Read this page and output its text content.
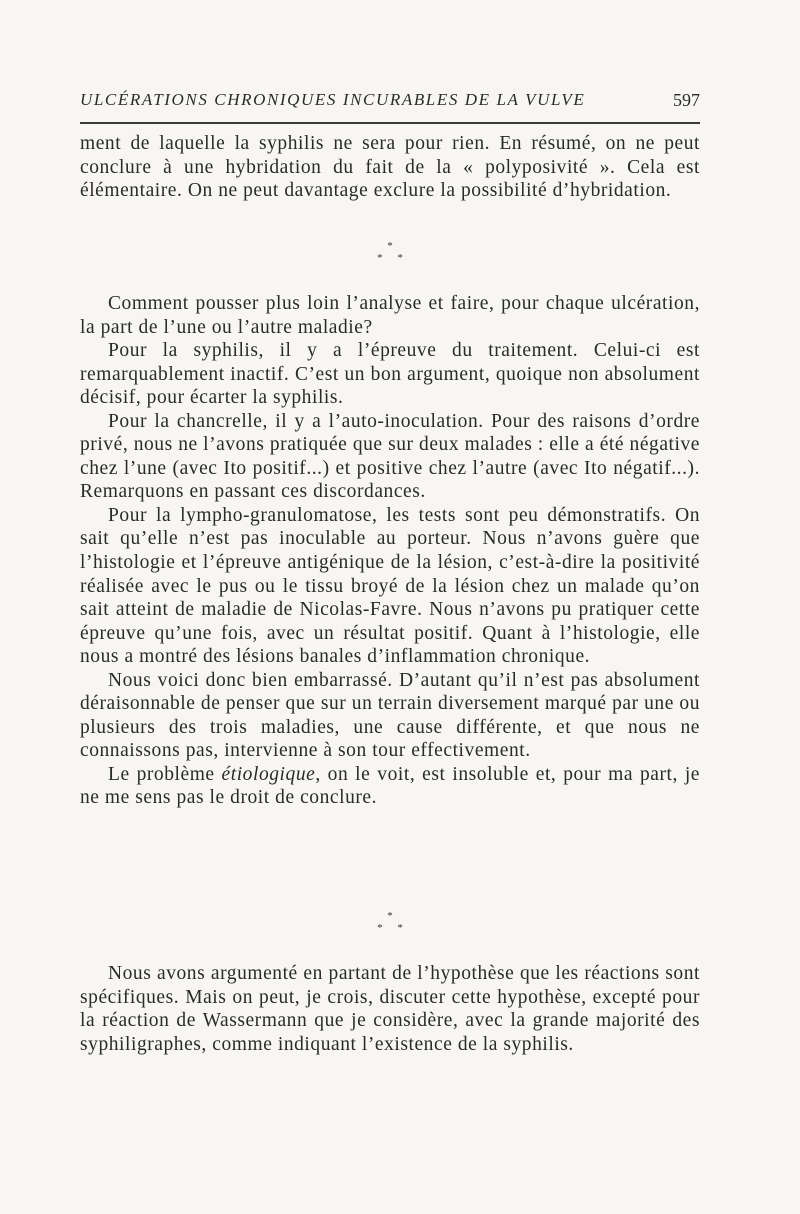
ULCÉRATIONS CHRONIQUES INCURABLES DE LA VULVE	597

ment de laquelle la syphilis ne sera pour rien. En résumé, on ne peut conclure à une hybridation du fait de la « polyposivité ». Cela est élémentaire. On ne peut davantage exclure la possibilité d’hybridation.

*
* *

Comment pousser plus loin l’analyse et faire, pour chaque ulcération, la part de l’une ou l’autre maladie?

Pour la syphilis, il y a l’épreuve du traitement. Celui-ci est remarquablement inactif. C’est un bon argument, quoique non absolument décisif, pour écarter la syphilis.

Pour la chancrelle, il y a l’auto-inoculation. Pour des raisons d’ordre privé, nous ne l’avons pratiquée que sur deux malades : elle a été négative chez l’une (avec Ito positif...) et positive chez l’autre (avec Ito négatif...). Remarquons en passant ces discordances.

Pour la lympho-granulomatose, les tests sont peu démonstratifs. On sait qu’elle n’est pas inoculable au porteur. Nous n’avons guère que l’histologie et l’épreuve antigénique de la lésion, c’est-à-dire la positivité réalisée avec le pus ou le tissu broyé de la lésion chez un malade qu’on sait atteint de maladie de Nicolas-Favre. Nous n’avons pu pratiquer cette épreuve qu’une fois, avec un résultat positif. Quant à l’histologie, elle nous a montré des lésions banales d’inflammation chronique.

Nous voici donc bien embarrassé. D’autant qu’il n’est pas absolument déraisonnable de penser que sur un terrain diversement marqué par une ou plusieurs des trois maladies, une cause différente, et que nous ne connaissons pas, intervienne à son tour effectivement.

Le problème étiologique, on le voit, est insoluble et, pour ma part, je ne me sens pas le droit de conclure.

*
* *

Nous avons argumenté en partant de l’hypothèse que les réactions sont spécifiques. Mais on peut, je crois, discuter cette hypothèse, excepté pour la réaction de Wassermann que je considère, avec la grande majorité des syphiligraphes, comme indiquant l’existence de la syphilis.
